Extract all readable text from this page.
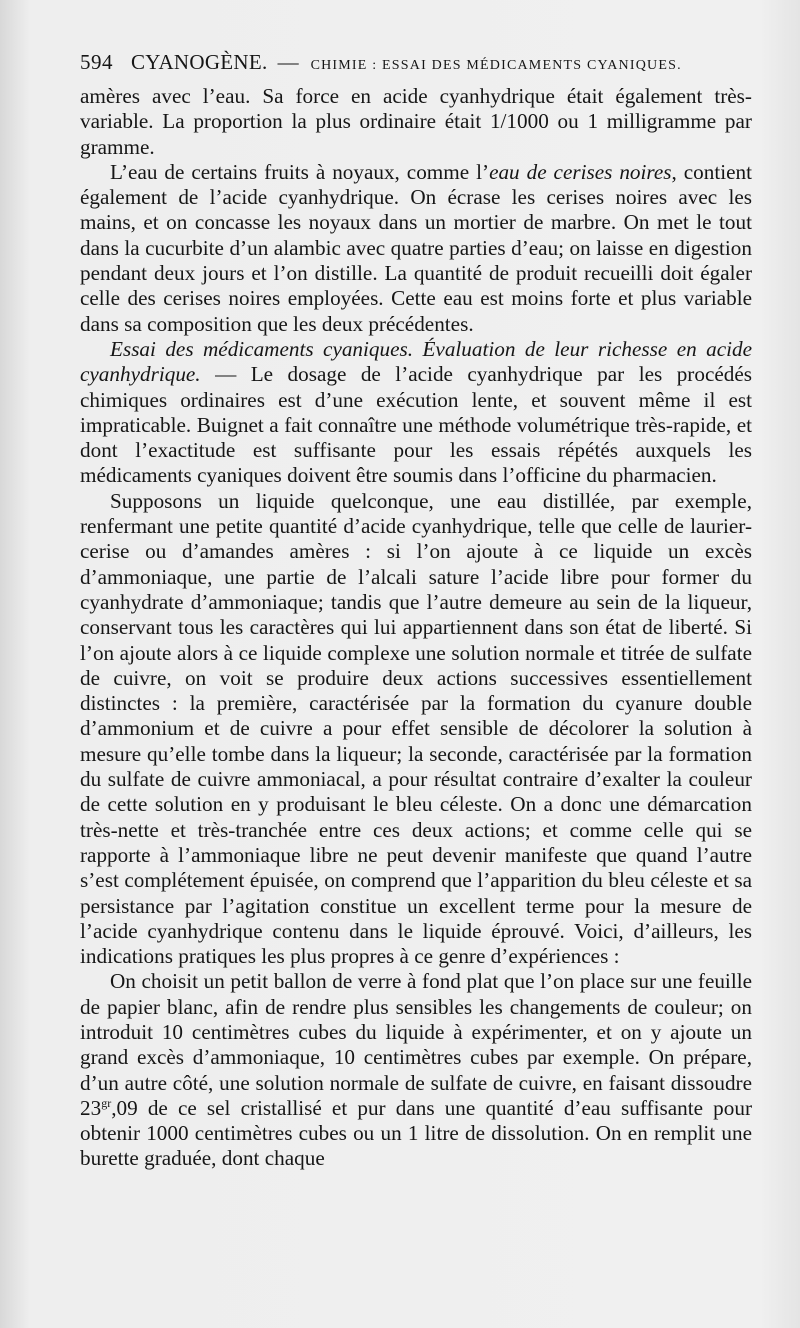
594 CYANOGÈNE. — CHIMIE : ESSAI DES MÉDICAMENTS CYANIQUES.

amères avec l’eau. Sa force en acide cyanhydrique était également très-variable. La proportion la plus ordinaire était 1/1000 ou 1 milligramme par gramme.

L’eau de certains fruits à noyaux, comme l’eau de cerises noires, contient également de l’acide cyanhydrique. On écrase les cerises noires avec les mains, et on concasse les noyaux dans un mortier de marbre. On met le tout dans la cucurbite d’un alambic avec quatre parties d’eau; on laisse en digestion pendant deux jours et l’on distille. La quantité de produit recueilli doit égaler celle des cerises noires employées. Cette eau est moins forte et plus variable dans sa composition que les deux précédentes.

Essai des médicaments cyaniques. Évaluation de leur richesse en acide cyanhydrique. — Le dosage de l’acide cyanhydrique par les procédés chimiques ordinaires est d’une exécution lente, et souvent même il est impraticable. Buignet a fait connaître une méthode volumétrique très-rapide, et dont l’exactitude est suffisante pour les essais répétés auxquels les médicaments cyaniques doivent être soumis dans l’officine du pharmacien.

Supposons un liquide quelconque, une eau distillée, par exemple, renfermant une petite quantité d’acide cyanhydrique, telle que celle de laurier-cerise ou d’amandes amères : si l’on ajoute à ce liquide un excès d’ammoniaque, une partie de l’alcali sature l’acide libre pour former du cyanhydrate d’ammoniaque; tandis que l’autre demeure au sein de la liqueur, conservant tous les caractères qui lui appartiennent dans son état de liberté. Si l’on ajoute alors à ce liquide complexe une solution normale et titrée de sulfate de cuivre, on voit se produire deux actions successives essentiellement distinctes : la première, caractérisée par la formation du cyanure double d’ammonium et de cuivre a pour effet sensible de décolorer la solution à mesure qu’elle tombe dans la liqueur; la seconde, caractérisée par la formation du sulfate de cuivre ammoniacal, a pour résultat contraire d’exalter la couleur de cette solution en y produisant le bleu céleste. On a donc une démarcation très-nette et très-tranchée entre ces deux actions; et comme celle qui se rapporte à l’ammoniaque libre ne peut devenir manifeste que quand l’autre s’est complétement épuisée, on comprend que l’apparition du bleu céleste et sa persistance par l’agitation constitue un excellent terme pour la mesure de l’acide cyanhydrique contenu dans le liquide éprouvé. Voici, d’ailleurs, les indications pratiques les plus propres à ce genre d’expériences :

On choisit un petit ballon de verre à fond plat que l’on place sur une feuille de papier blanc, afin de rendre plus sensibles les changements de couleur; on introduit 10 centimètres cubes du liquide à expérimenter, et on y ajoute un grand excès d’ammoniaque, 10 centimètres cubes par exemple. On prépare, d’un autre côté, une solution normale de sulfate de cuivre, en faisant dissoudre $23^{gr},09$ de ce sel cristallisé et pur dans une quantité d’eau suffisante pour obtenir 1000 centimètres cubes ou un 1 litre de dissolution. On en remplit une burette graduée, dont chaque
